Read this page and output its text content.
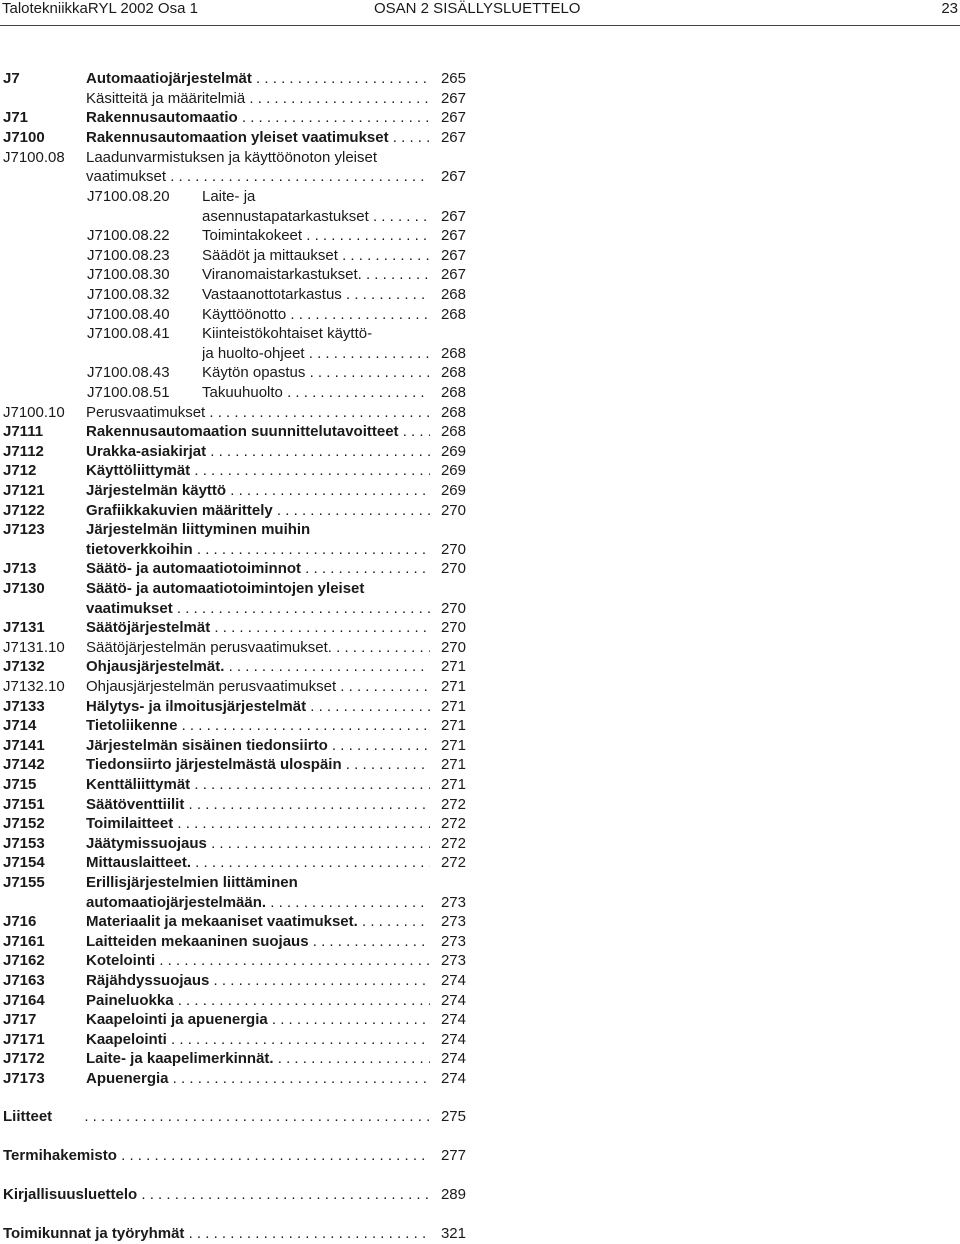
TalotekniikkaRYL 2002 Osa 1	OSAN 2 SISÄLLYSLUETTELO	23
J7	Automaatiojärjestelmät . . .	265
Käsitteitä ja määritelmiä . . .	267
J71	Rakennusautomaatio . . .	267
J7100	Rakennusautomaation yleiset vaatimukset . . .	267
J7100.08 Laadunvarmistuksen ja käyttöönoton yleiset
vaatimukset . . .	267
J7100.08.20 Laite- ja
asennustapatarkastukset . . .	267
J7100.08.22 Toimintakokeet . . .	267
J7100.08.23 Säädöt ja mittaukset . . .	267
J7100.08.30 Viranomaistarkastukset. . . .	267
J7100.08.32 Vastaanottotarkastus . . .	268
J7100.08.40 Käyttöönotto . . .	268
J7100.08.41 Kiinteistökohtaiset käyttö-
ja huolto-ohjeet . . .	268
J7100.08.43 Käytön opastus . . .	268
J7100.08.51 Takuuhuolto . . .	268
J7100.10 Perusvaatimukset . . .	268
J7111	Rakennusautomaation suunnittelutavoitteet . . .	268
J7112	Urakka-asiakirjat . . .	269
J712	Käyttöliittymät . . .	269
J7121	Järjestelmän käyttö . . .	269
J7122	Grafiikkakuvien määrittely . . .	270
J7123	Järjestelmän liittyminen muihin
tietoverkkoihin . . .	270
J713	Säätö- ja automaatiotoiminnot . . .	270
J7130	Säätö- ja automaatiotoimintojen yleiset
vaatimukset . . .	270
J7131	Säätöjärjestelmät . . .	270
J7131.10 Säätöjärjestelmän perusvaatimukset. . . .	270
J7132	Ohjausjärjestelmät. . . .	271
J7132.10 Ohjausjärjestelmän perusvaatimukset . . .	271
J7133	Hälytys- ja ilmoitusjärjestelmät . . .	271
J714	Tietoliikenne . . .	271
J7141	Järjestelmän sisäinen tiedonsiirto . . .	271
J7142	Tiedonsiirto järjestelmästä ulospäin . . .	271
J715	Kenttäliittymät . . .	271
J7151	Säätöventtiilit . . .	272
J7152	Toimilaitteet . . .	272
J7153	Jäätymissuojaus . . .	272
J7154	Mittauslaitteet. . . .	272
J7155	Erillisjärjestelmien liittäminen
automaatiojärjestelmään. . . .	273
J716	Materiaalit ja mekaaniset vaatimukset. . . .	273
J7161	Laitteiden mekaaninen suojaus . . .	273
J7162	Kotelointi . . .	273
J7163	Räjähdyssuojaus . . .	274
J7164	Paineluokka . . .	274
J717	Kaapelointi ja apuenergia . . .	274
J7171	Kaapelointi . . .	274
J7172	Laite- ja kaapelimerkinnät. . . .	274
J7173	Apuenergia . . .	274
Liitteet . . .	275
Termihakemisto . . .	277
Kirjallisuusluettelo . . .	289
Toimikunnat ja työryhmät . . .	321
